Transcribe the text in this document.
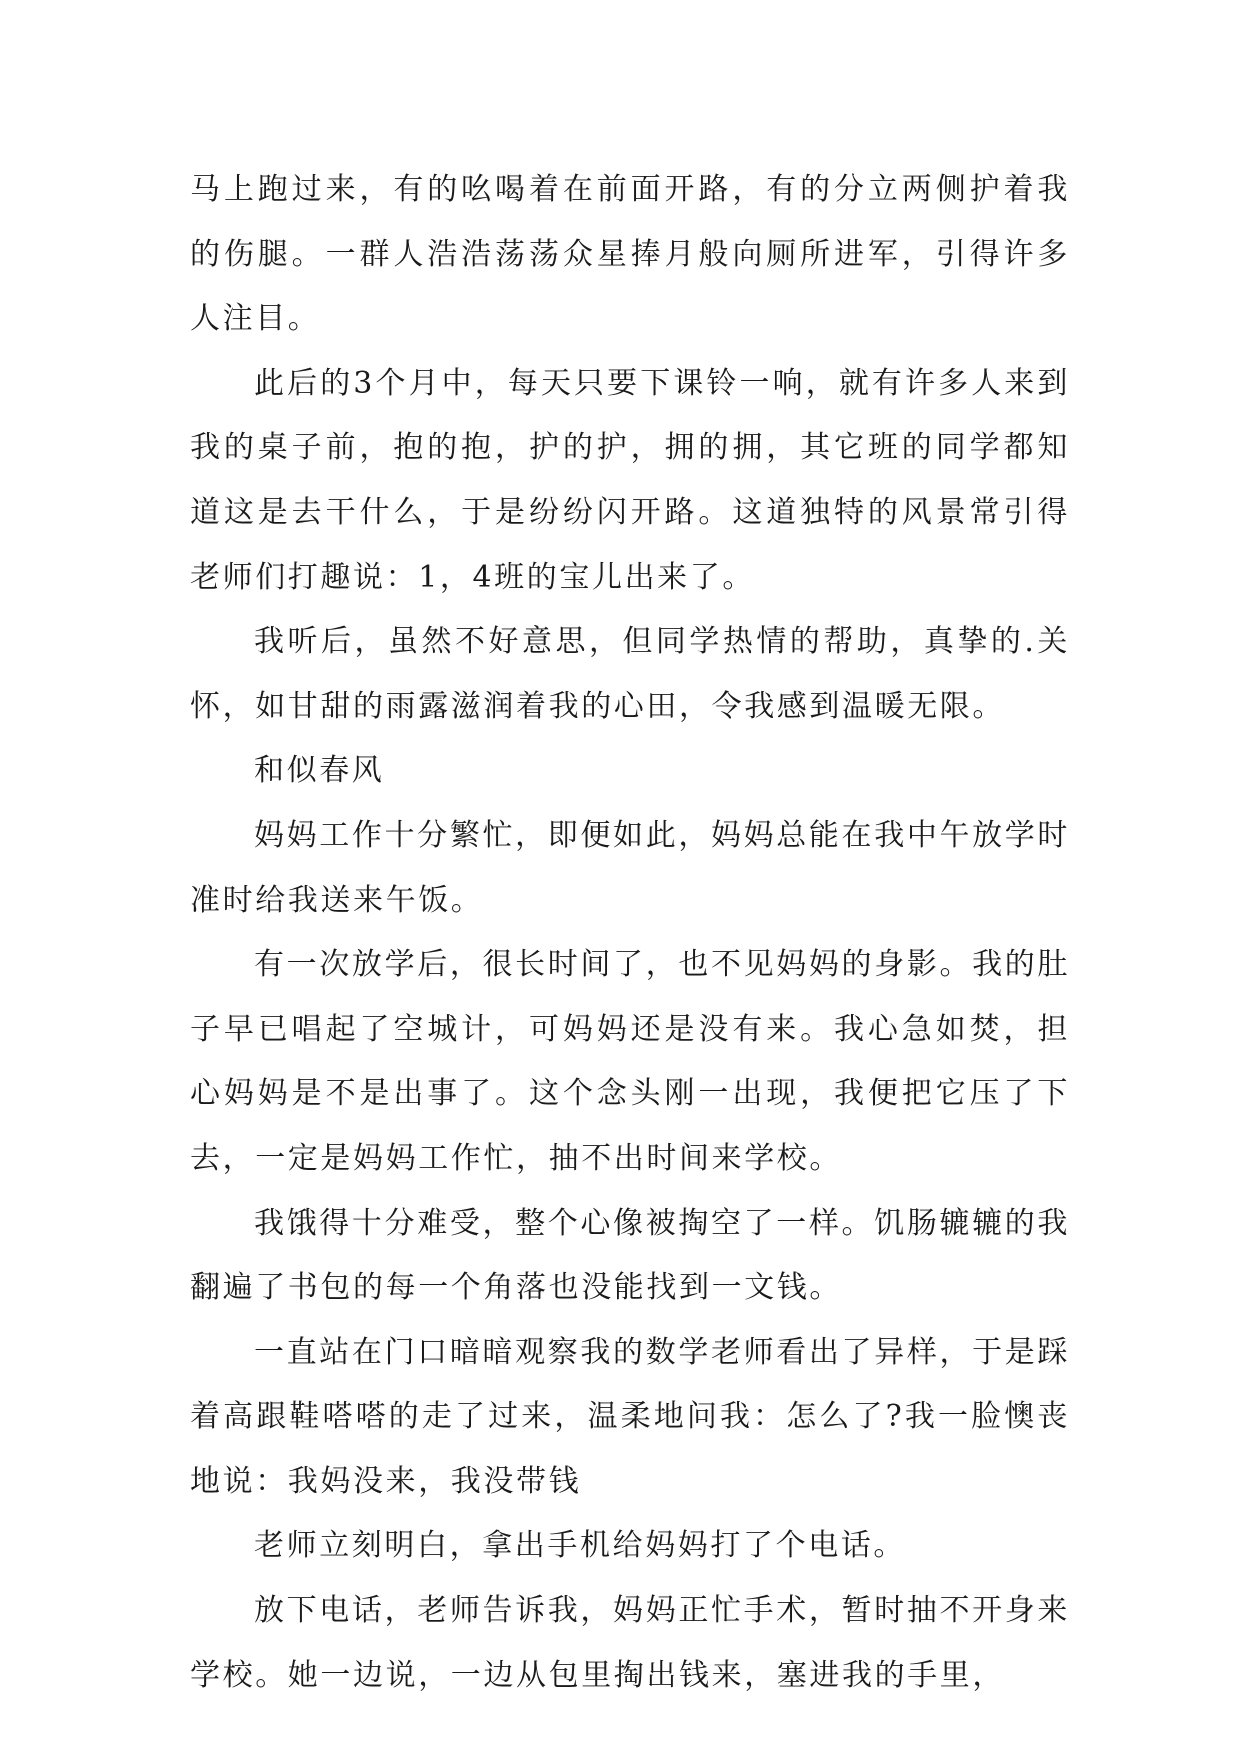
马上跑过来，有的吆喝着在前面开路，有的分立两侧护着我的伤腿。一群人浩浩荡荡众星捧月般向厕所进军，引得许多人注目。

此后的3个月中，每天只要下课铃一响，就有许多人来到我的桌子前，抱的抱，护的护，拥的拥，其它班的同学都知道这是去干什么，于是纷纷闪开路。这道独特的风景常引得老师们打趣说：1，4班的宝儿出来了。

我听后，虽然不好意思，但同学热情的帮助，真挚的.关怀，如甘甜的雨露滋润着我的心田，令我感到温暖无限。

和似春风

妈妈工作十分繁忙，即便如此，妈妈总能在我中午放学时准时给我送来午饭。

有一次放学后，很长时间了，也不见妈妈的身影。我的肚子早已唱起了空城计，可妈妈还是没有来。我心急如焚，担心妈妈是不是出事了。这个念头刚一出现，我便把它压了下去，一定是妈妈工作忙，抽不出时间来学校。

我饿得十分难受，整个心像被掏空了一样。饥肠辘辘的我翻遍了书包的每一个角落也没能找到一文钱。

一直站在门口暗暗观察我的数学老师看出了异样，于是踩着高跟鞋嗒嗒的走了过来，温柔地问我：怎么了?我一脸懊丧地说：我妈没来，我没带钱

老师立刻明白，拿出手机给妈妈打了个电话。

放下电话，老师告诉我，妈妈正忙手术，暂时抽不开身来学校。她一边说，一边从包里掏出钱来，塞进我的手里，
